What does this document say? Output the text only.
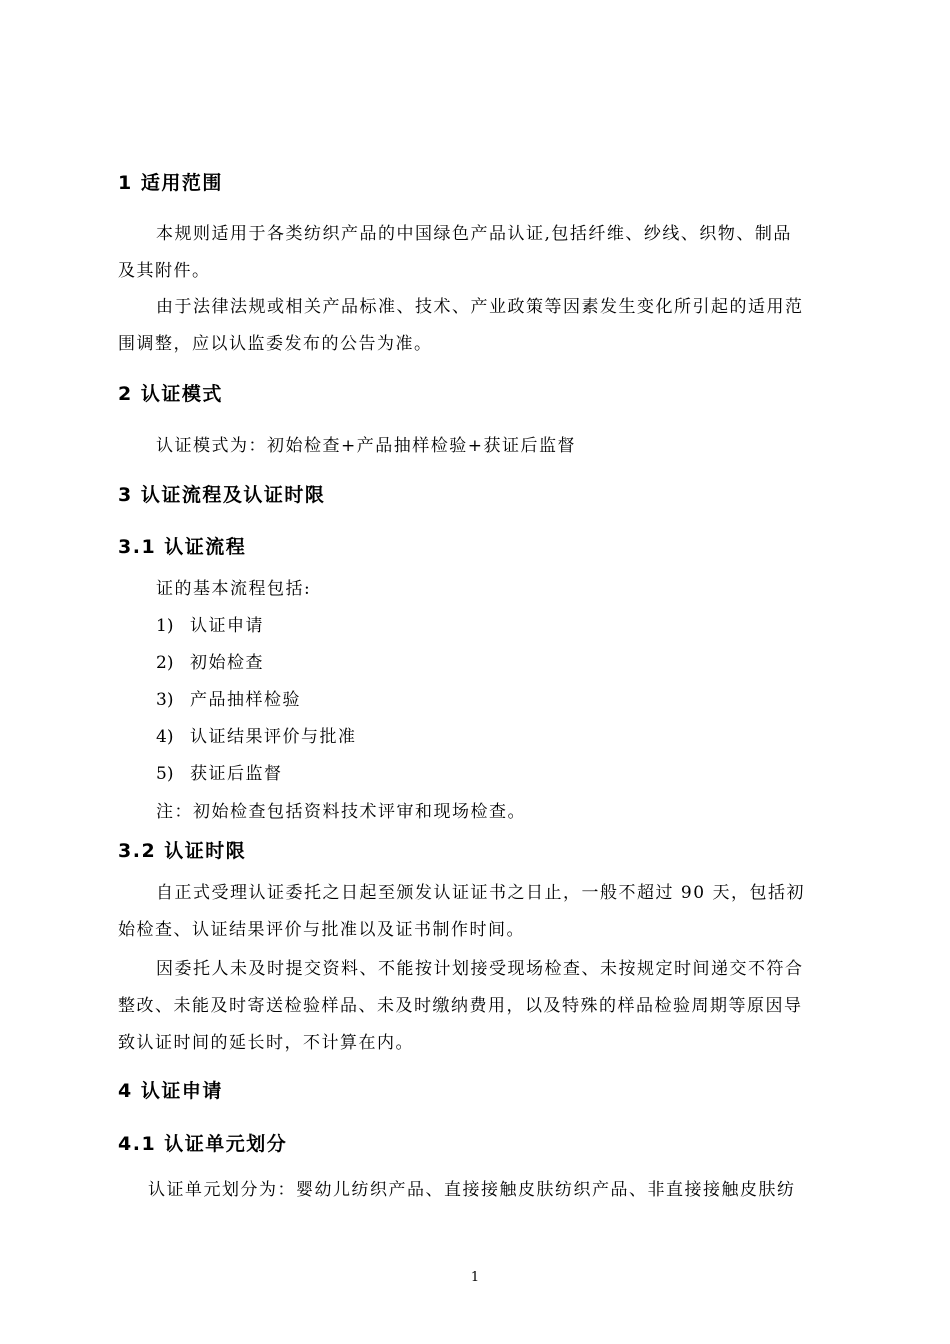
1 适用范围
本规则适用于各类纺织产品的中国绿色产品认证,包括纤维、纱线、织物、制品
及其附件。
由于法律法规或相关产品标准、技术、产业政策等因素发生变化所引起的适用范
围调整，应以认监委发布的公告为准。
2 认证模式
认证模式为：初始检查+产品抽样检验+获证后监督
3 认证流程及认证时限
3.1 认证流程
证的基本流程包括:
1) 认证申请
2) 初始检查
3) 产品抽样检验
4) 认证结果评价与批准
5) 获证后监督
注：初始检查包括资料技术评审和现场检查。
3.2 认证时限
自正式受理认证委托之日起至颁发认证证书之日止，一般不超过 90 天，包括初
始检查、认证结果评价与批准以及证书制作时间。
因委托人未及时提交资料、不能按计划接受现场检查、未按规定时间递交不符合
整改、未能及时寄送检验样品、未及时缴纳费用，以及特殊的样品检验周期等原因导
致认证时间的延长时，不计算在内。
4 认证申请
4.1 认证单元划分
认证单元划分为：婴幼儿纺织产品、直接接触皮肤纺织产品、非直接接触皮肤纺
1
